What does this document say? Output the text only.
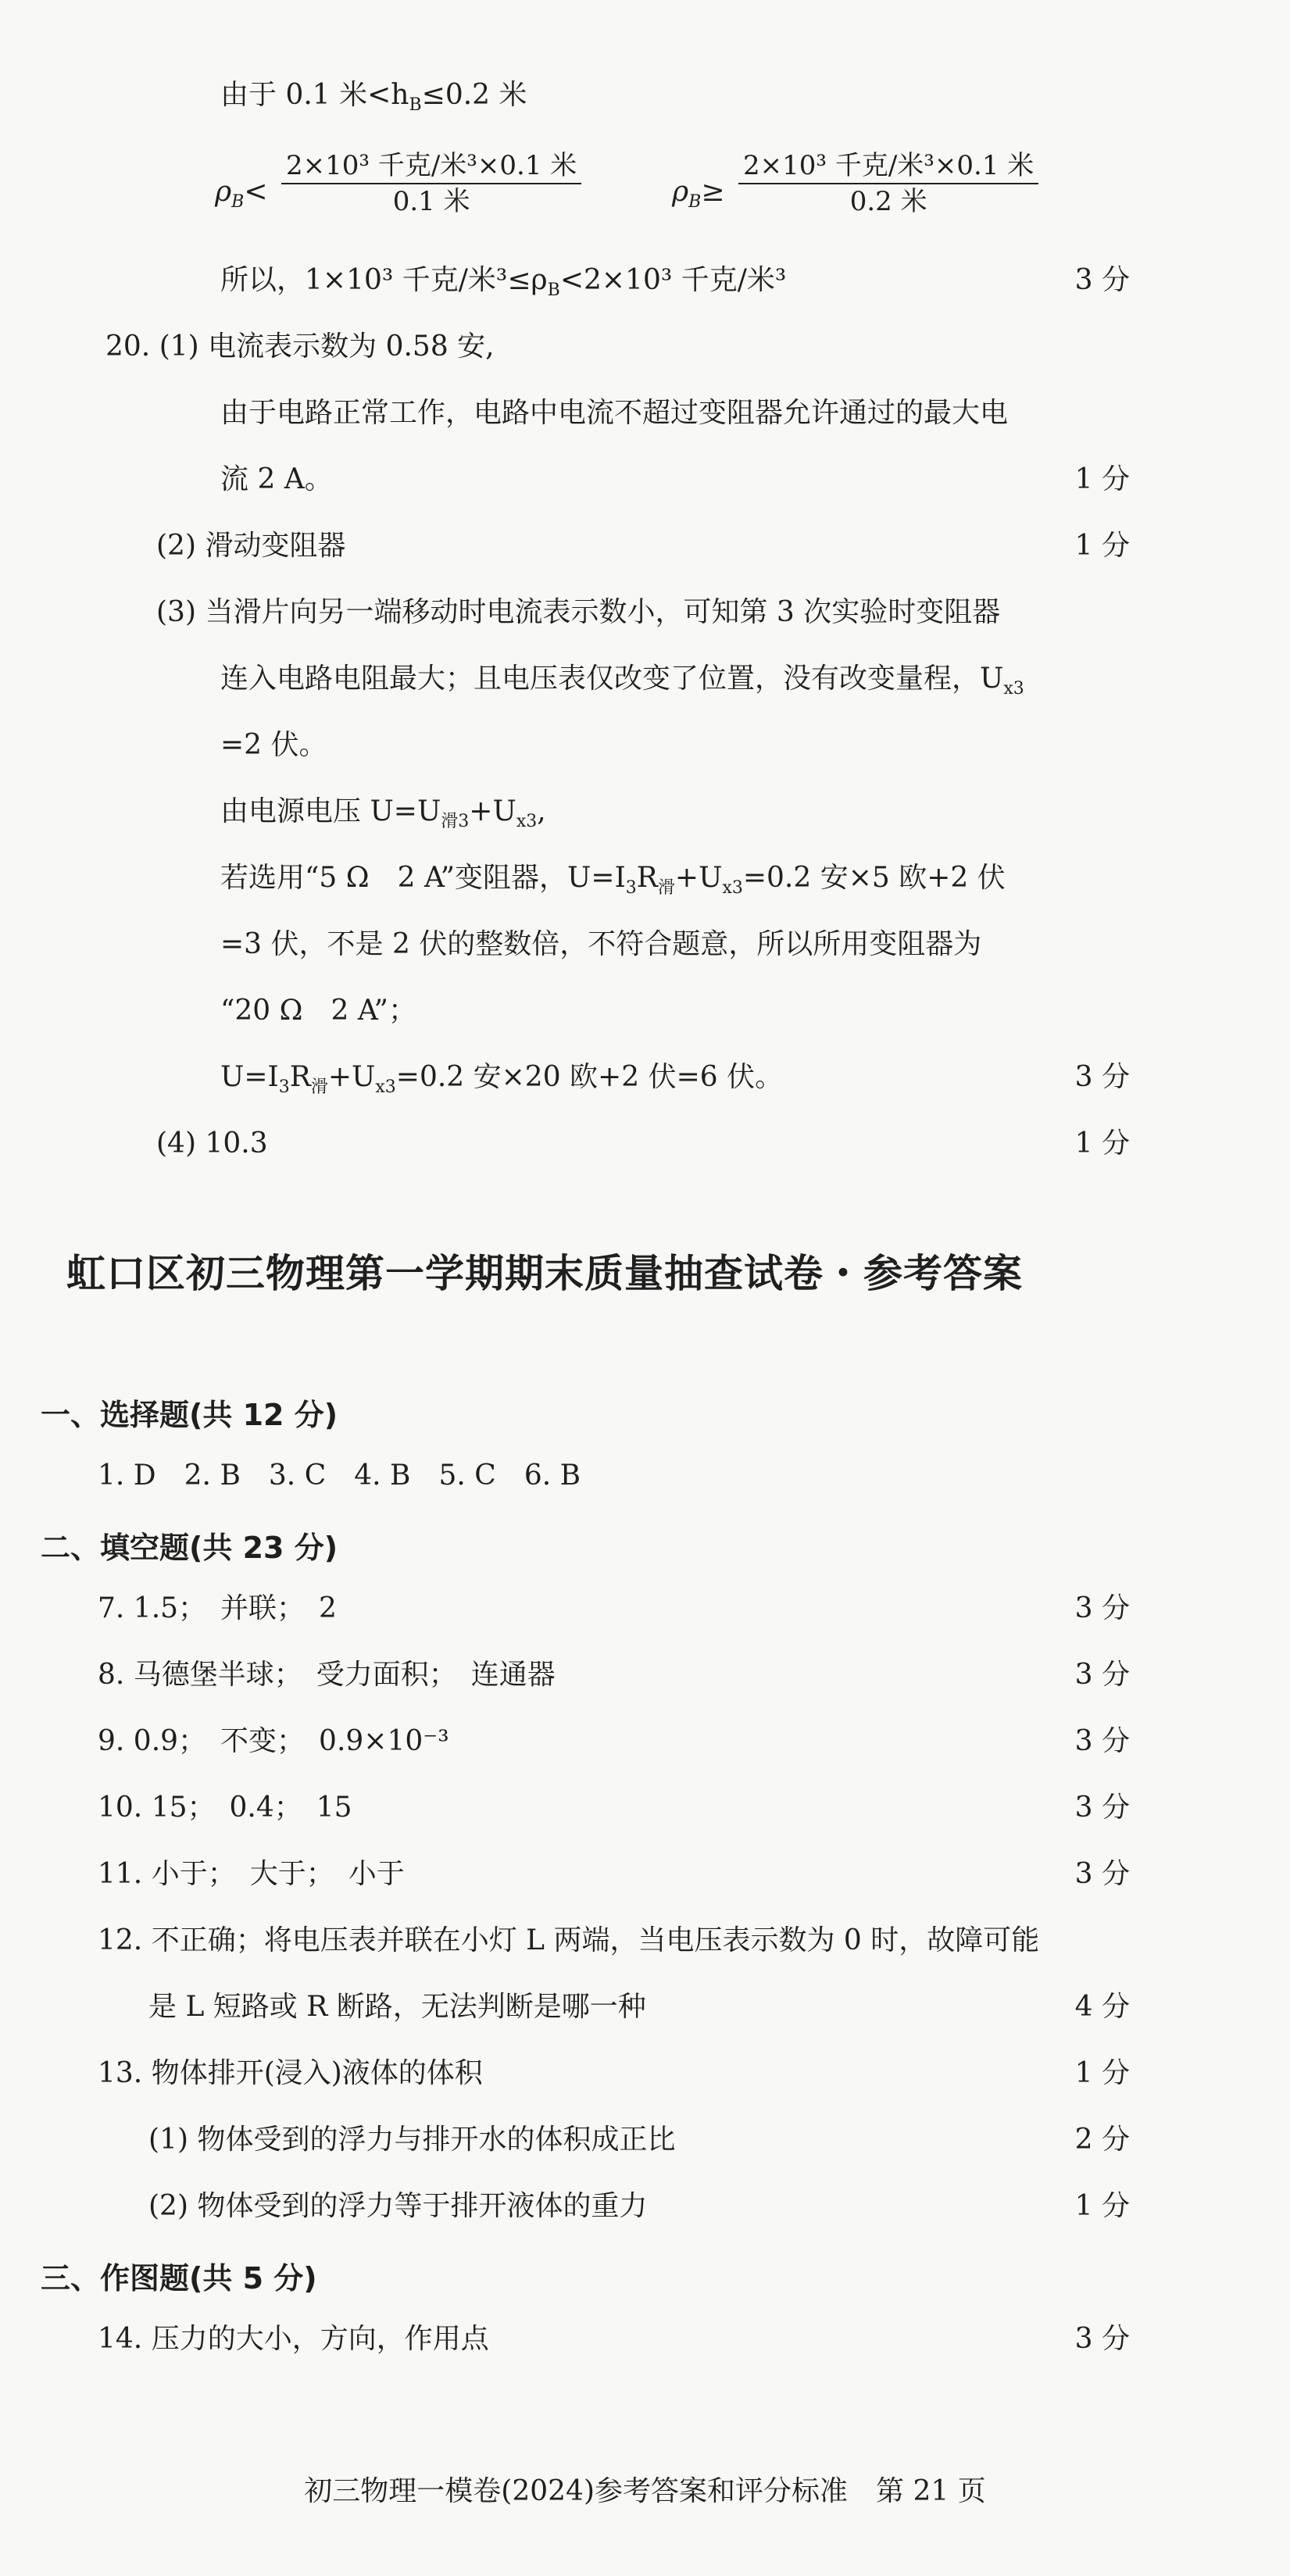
由于 0.1 米$<h_B\le 0.2$ 米
$\rho_B<$
2×10³ 千克/米³×0.1 米
0.1 米	$\rho_B\ge$
2×10³ 千克/米³×0.1 米
0.2 米
所以，1×10³ 千克/米$^3\le\rho_B<2\times 10^3$ 千克/米³	3 分
20. (1) 电流表示数为 0.58 安,
由于电路正常工作，电路中电流不超过变阻器允许通过的最大电
流 2 A。	1 分
(2) 滑动变阻器	1 分
(3) 当滑片向另一端移动时电流表示数小，可知第 3 次实验时变阻器
连入电路电阻最大；且电压表仅改变了位置，没有改变量程，$U_{x3}$
=2 伏。
由电源电压 $U=U_{滑3}+U_{x3}$,
若选用“5 Ω　2 A”变阻器，$U=I_3R_滑+U_{x3}=0.2$ 安×5 欧+2 伏
=3 伏，不是 2 伏的整数倍，不符合题意，所以所用变阻器为
“20 Ω　2 A”；
$U=I_3R_滑+U_{x3}=0.2$ 安×20 欧+2 伏=6 伏。	3 分
(4) 10.3	1 分
虹口区初三物理第一学期期末质量抽查试卷・参考答案
一、选择题(共 12 分)
1. D　2. B　3. C　4. B　5. C　6. B
二、填空题(共 23 分)
7. 1.5；　并联；　2	3 分
8. 马德堡半球；　受力面积；　连通器	3 分
9. 0.9；　不变；　0.9×10⁻³	3 分
10. 15；　0.4；　15	3 分
11. 小于；　大于；　小于	3 分
12. 不正确；将电压表并联在小灯 L 两端，当电压表示数为 0 时，故障可能
是 L 短路或 R 断路，无法判断是哪一种	4 分
13. 物体排开(浸入)液体的体积	1 分
(1) 物体受到的浮力与排开水的体积成正比	2 分
(2) 物体受到的浮力等于排开液体的重力	1 分
三、作图题(共 5 分)
14. 压力的大小，方向，作用点	3 分
初三物理一模卷(2024)参考答案和评分标准　第 21 页
